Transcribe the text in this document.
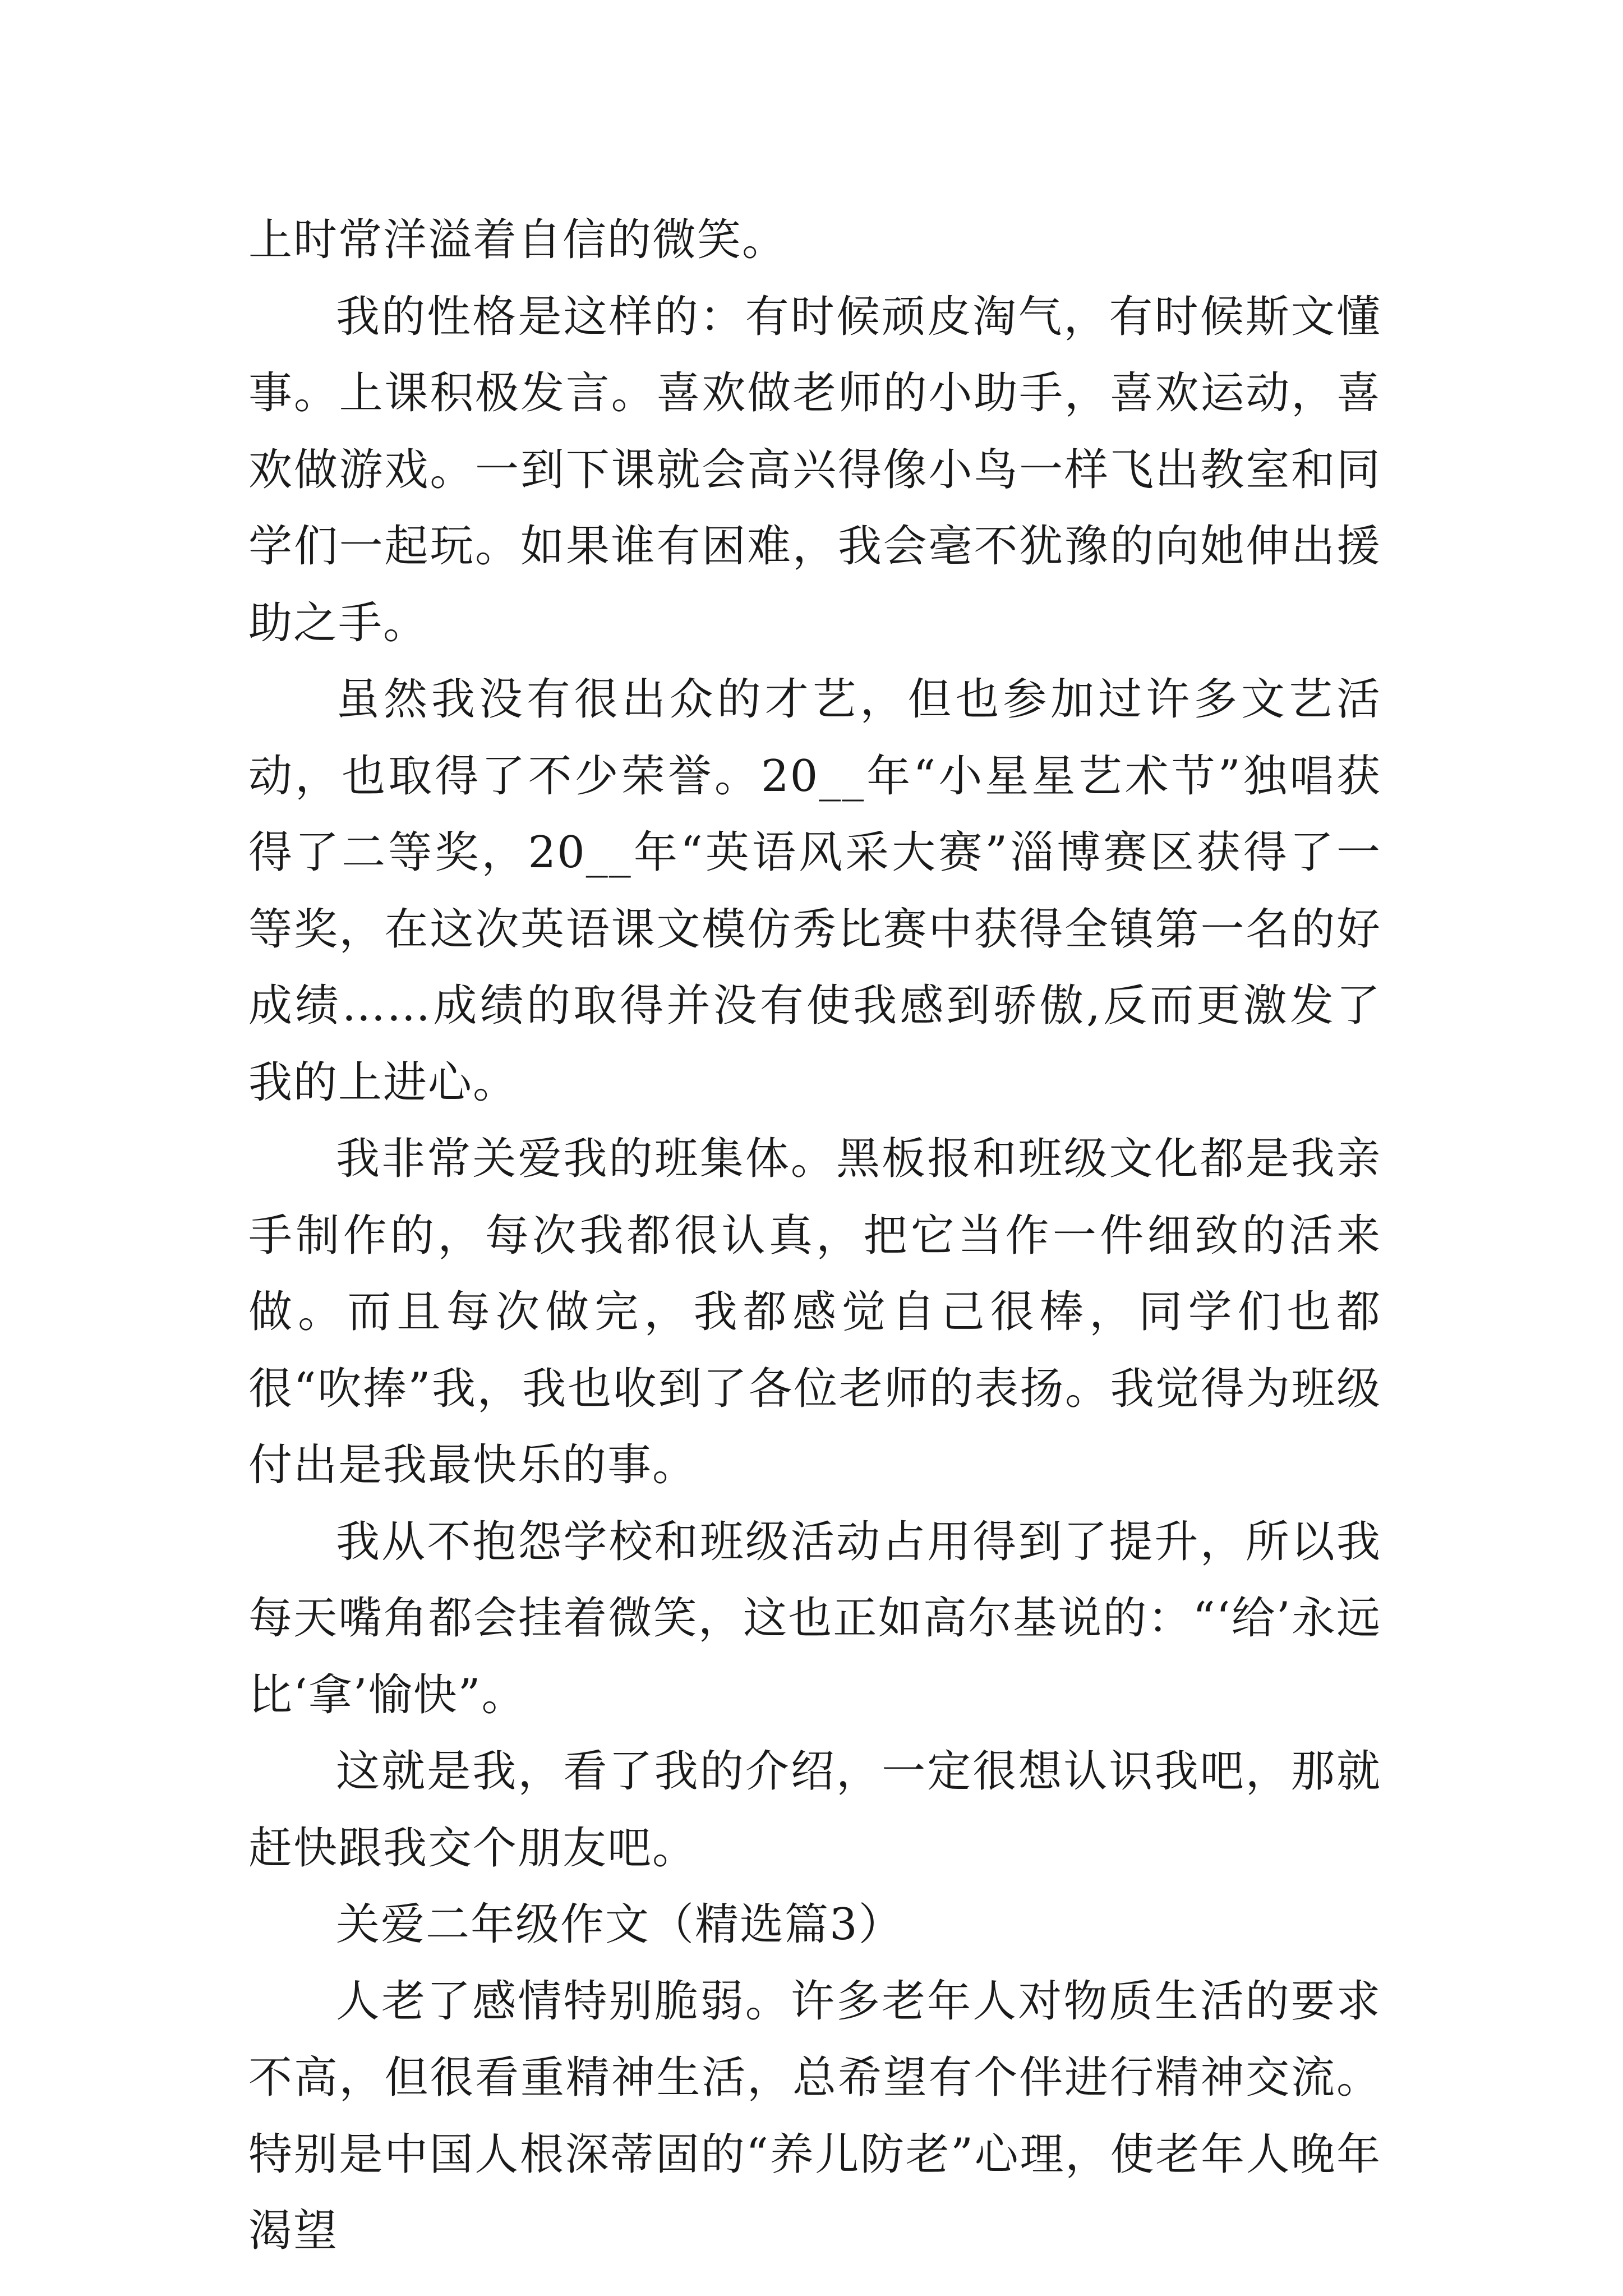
上时常洋溢着自信的微笑。

我的性格是这样的：有时候顽皮淘气，有时候斯文懂事。上课积极发言。喜欢做老师的小助手，喜欢运动，喜欢做游戏。一到下课就会高兴得像小鸟一样飞出教室和同学们一起玩。如果谁有困难，我会毫不犹豫的向她伸出援助之手。

虽然我没有很出众的才艺，但也参加过许多文艺活动，也取得了不少荣誉。20__年“小星星艺术节”独唱获得了二等奖，20__年“英语风采大赛”淄博赛区获得了一等奖，在这次英语课文模仿秀比赛中获得全镇第一名的好成绩……成绩的取得并没有使我感到骄傲,反而更激发了我的上进心。

我非常关爱我的班集体。黑板报和班级文化都是我亲手制作的，每次我都很认真，把它当作一件细致的活来做。而且每次做完，我都感觉自己很棒，同学们也都很“吹捧”我，我也收到了各位老师的表扬。我觉得为班级付出是我最快乐的事。

我从不抱怨学校和班级活动占用得到了提升，所以我每天嘴角都会挂着微笑，这也正如高尔基说的：“‘给’永远比‘拿’愉快”。

这就是我，看了我的介绍，一定很想认识我吧，那就赶快跟我交个朋友吧。

关爱二年级作文（精选篇3）

人老了感情特别脆弱。许多老年人对物质生活的要求不高，但很看重精神生活，总希望有个伴进行精神交流。特别是中国人根深蒂固的“养儿防老”心理，使老年人晚年渴望
